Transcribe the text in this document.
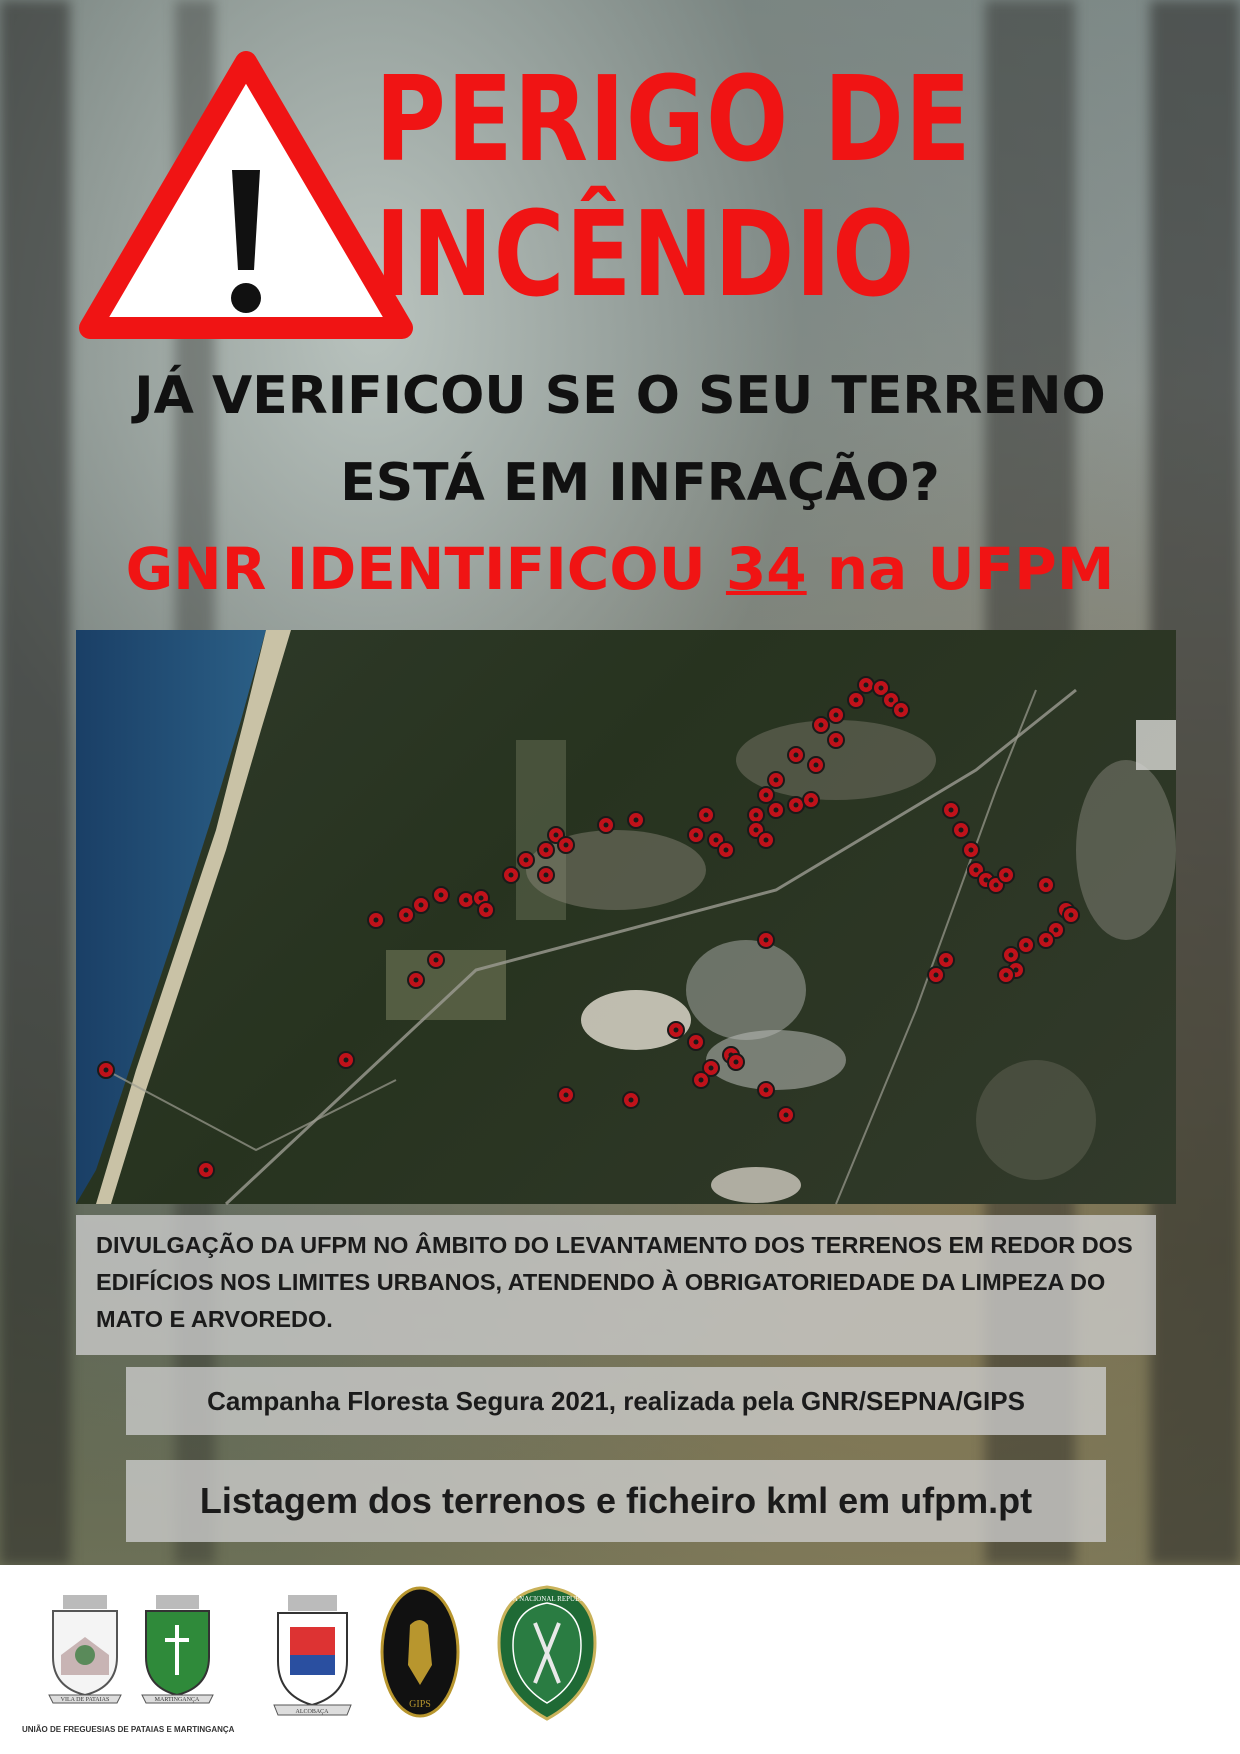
PERIGO DE
INCÊNDIO
JÁ VERIFICOU SE O SEU TERRENO
ESTÁ EM INFRAÇÃO?
GNR IDENTIFICOU 34 na UFPM
DIVULGAÇÃO DA UFPM NO ÂMBITO DO LEVANTAMENTO DOS TERRENOS EM REDOR DOS EDIFÍCIOS NOS LIMITES URBANOS, ATENDENDO À OBRIGATORIEDADE DA LIMPEZA DO MATO E ARVOREDO.
Campanha Floresta Segura 2021, realizada pela GNR/SEPNA/GIPS
Listagem dos terrenos e ficheiro kml em ufpm.pt
VILA DE PATAIAS	MARTINGANÇA
UNIÃO DE FREGUESIAS DE PATAIAS E MARTINGANÇA
ALCOBAÇA
GIPS
GUARDA NACIONAL REPUBLICANA
